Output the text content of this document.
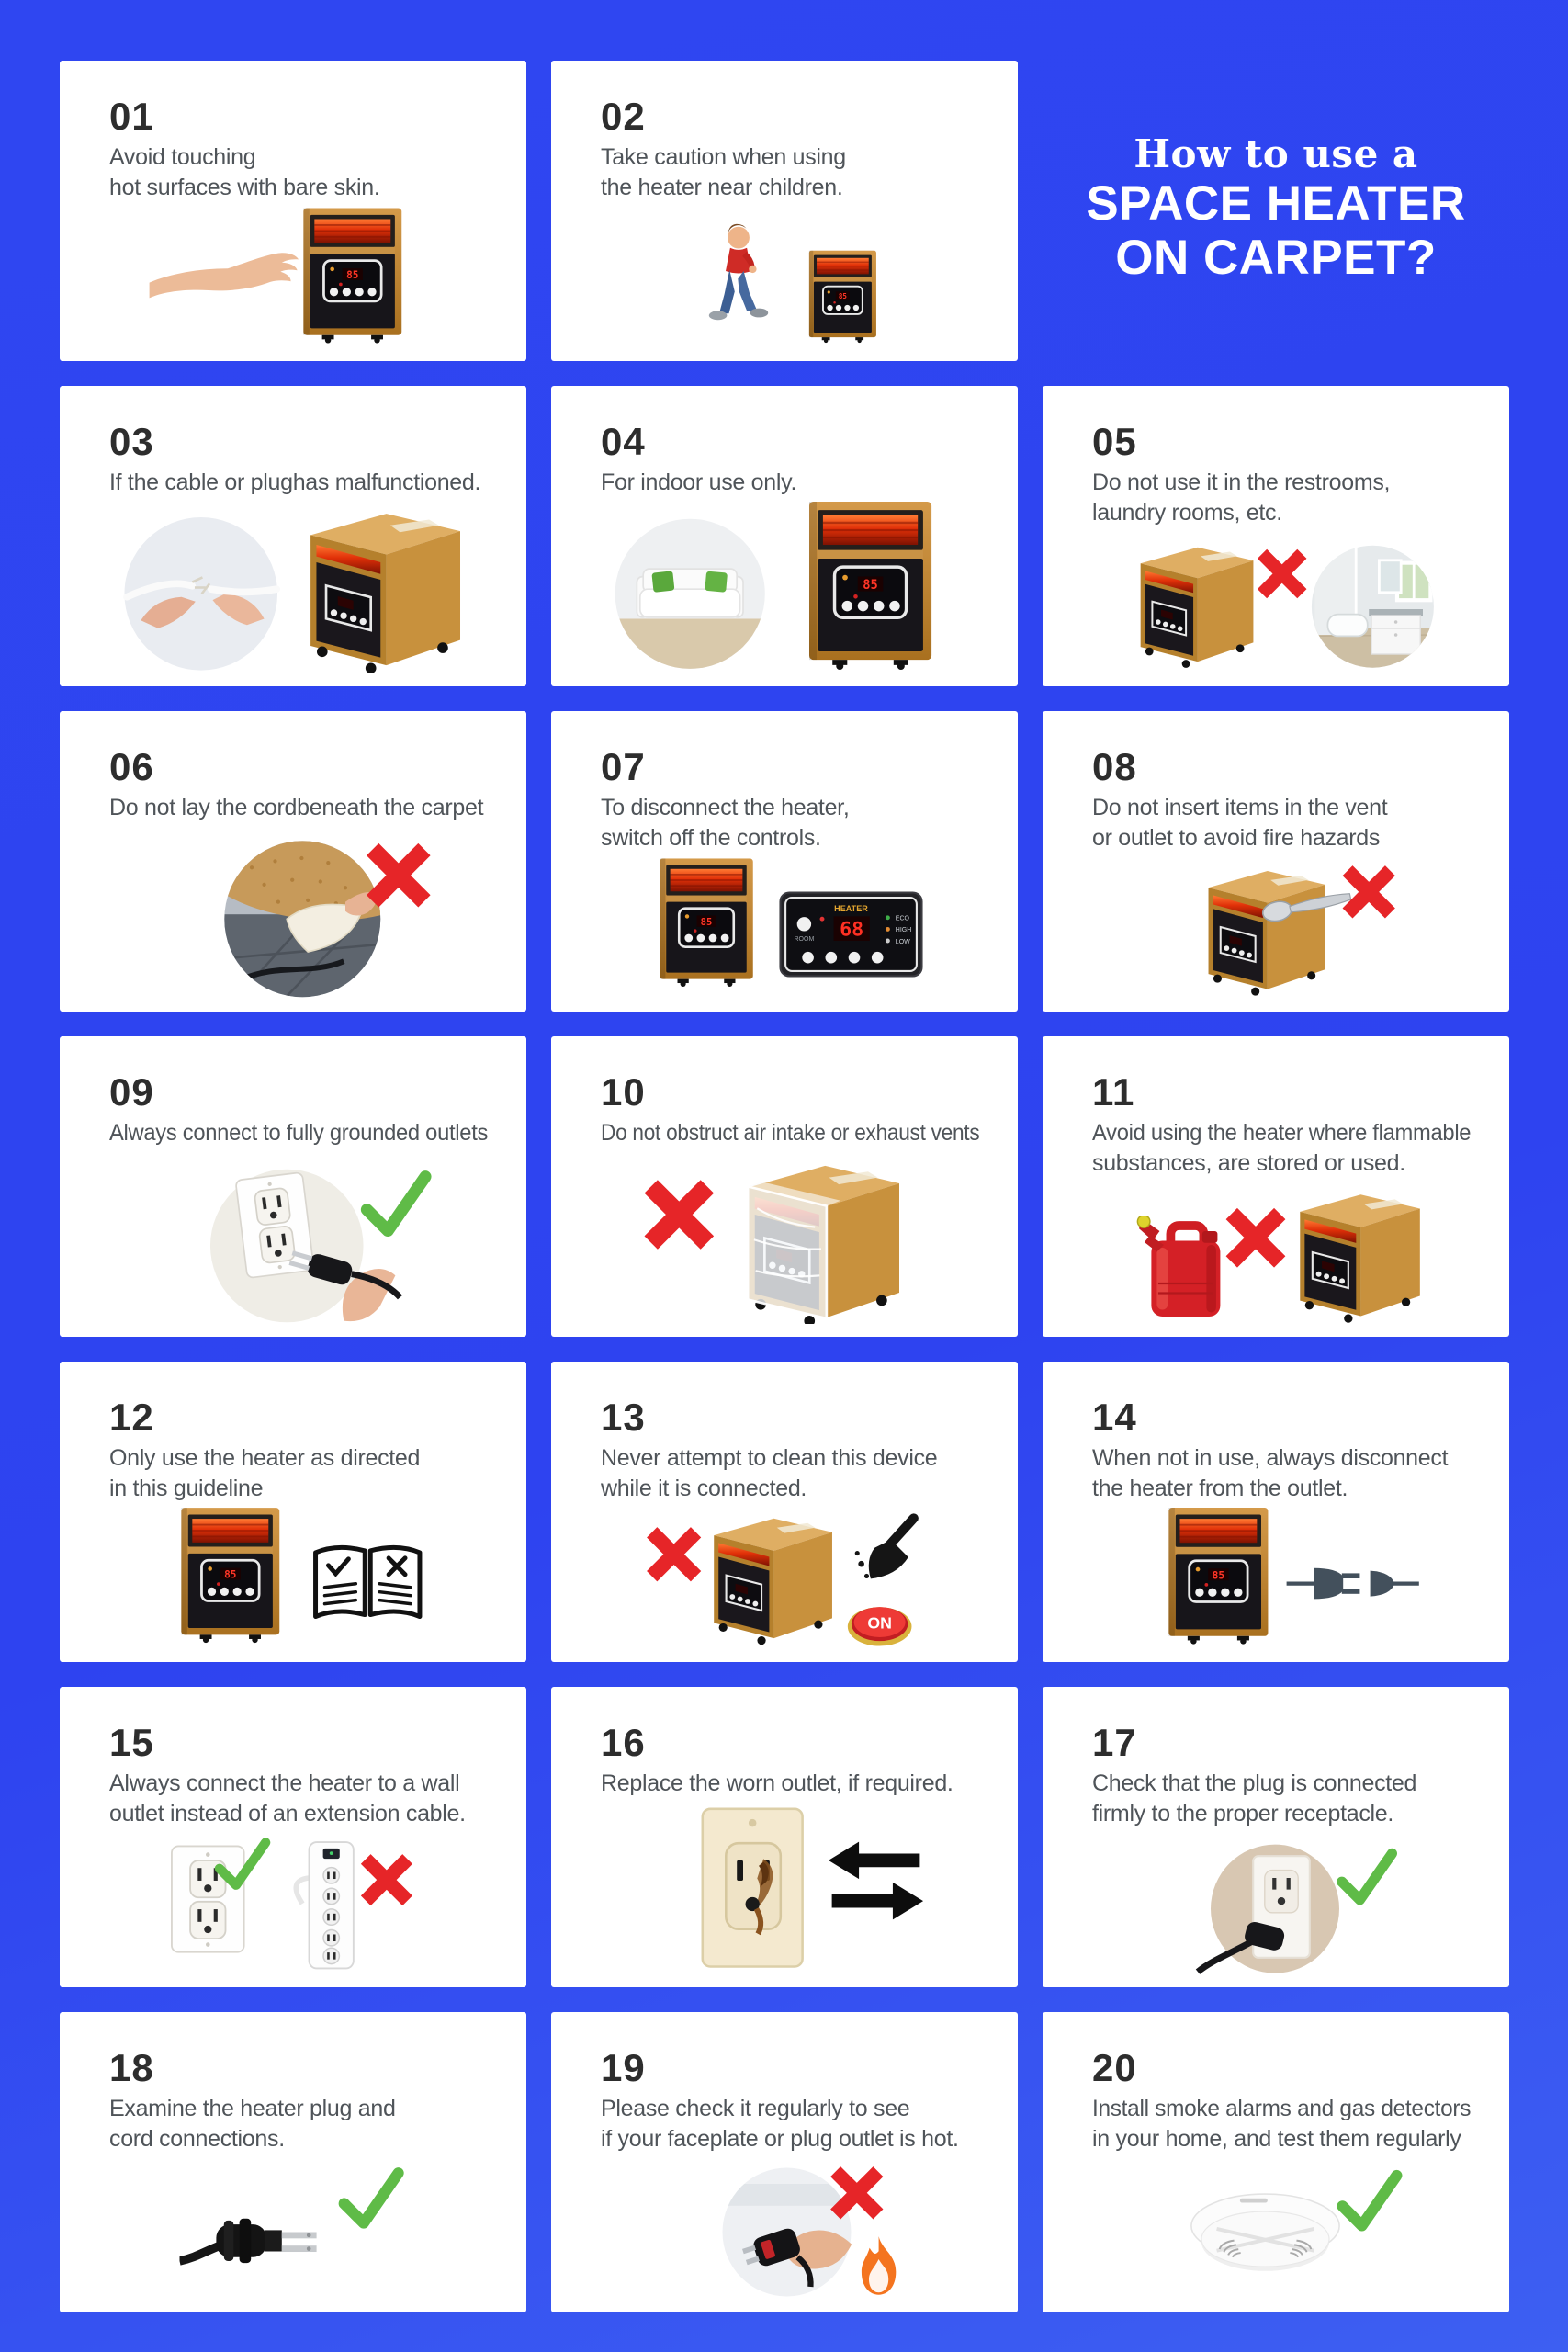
How to use a
SPACE HEATER
ON CARPET?
01
Avoid touchinghot surfaces with bare skin.
02
Take caution when usingthe heater near children.
03
If the cable or plughas malfunctioned.
04
For indoor use only.
05
Do not use it in the restrooms,laundry rooms, etc.
06
Do not lay the cordbeneath the carpet
07
To disconnect the heater,switch off the controls.
HEATER
68
ROOM
ECO
HIGH
LOW
08
Do not insert items in the ventor outlet to avoid fire hazards
09
Always connect to fully grounded outlets
10
Do not obstruct air intake or exhaust vents
11
Avoid using the heater where flammablesubstances, are stored or used.
12
Only use the heater as directedin this guideline
13
Never attempt to clean this devicewhile it is connected.
14
When not in use, always disconnectthe heater from the outlet.
15
Always connect the heater to a walloutlet instead of an extension cable.
16
Replace the worn outlet, if required.
17
Check that the plug is connectedfirmly to the proper receptacle.
18
Examine the heater plug andcord connections.
19
Please check it regularly to seeif your faceplate or plug outlet is hot.
20
Install smoke alarms and gas detectorsin your home, and test them regularly
